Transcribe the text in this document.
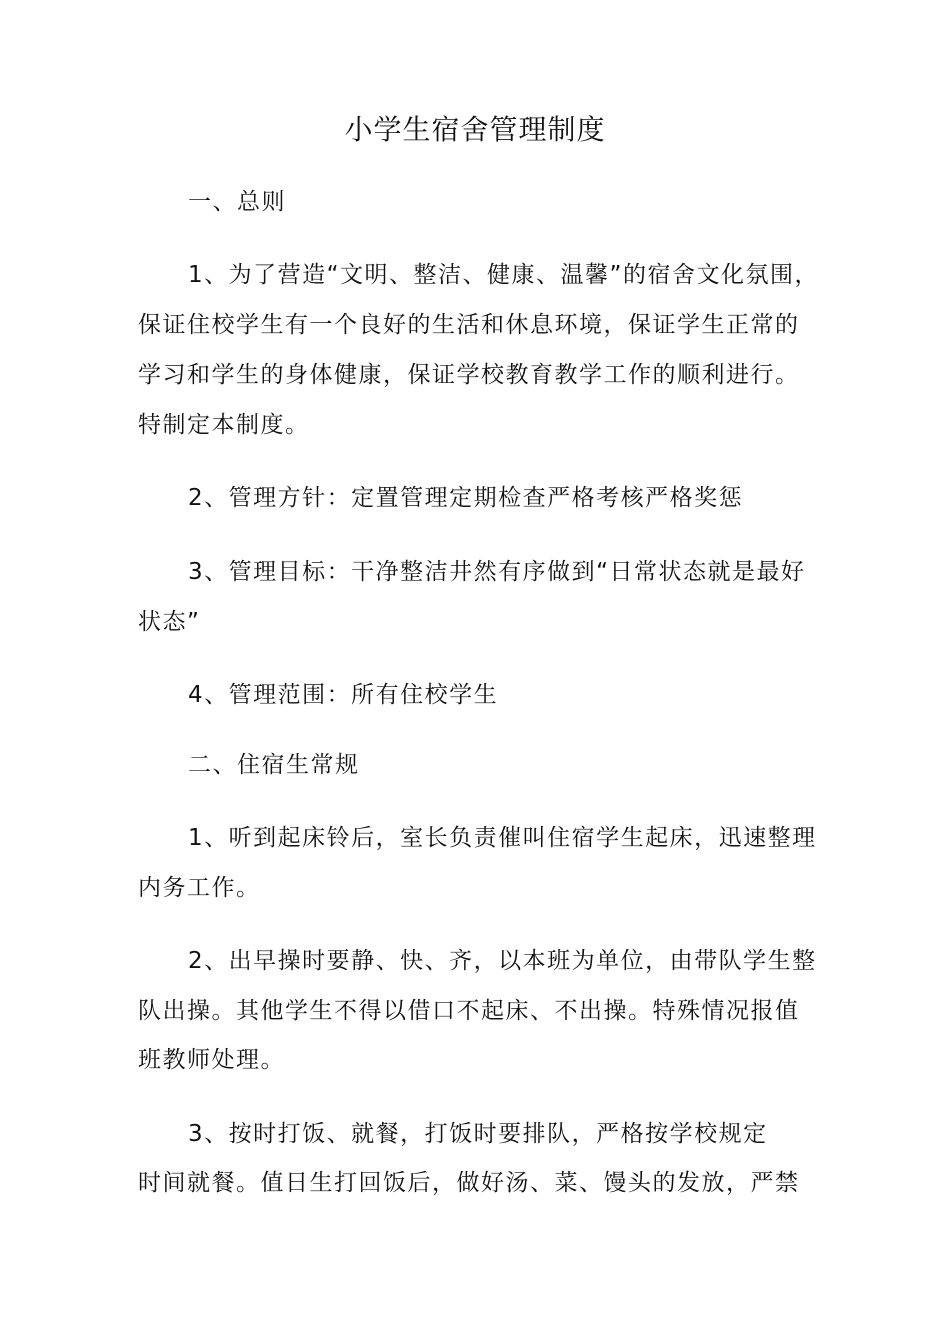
小学生宿舍管理制度
一、总则
1、为了营造“文明、整洁、健康、温馨”的宿舍文化氛围，
保证住校学生有一个良好的生活和休息环境，保证学生正常的
学习和学生的身体健康，保证学校教育教学工作的顺利进行。
特制定本制度。
2、管理方针：定置管理定期检查严格考核严格奖惩
3、管理目标：干净整洁井然有序做到“日常状态就是最好
状态”
4、管理范围：所有住校学生
二、住宿生常规
1、听到起床铃后，室长负责催叫住宿学生起床，迅速整理
内务工作。
2、出早操时要静、快、齐，以本班为单位，由带队学生整
队出操。其他学生不得以借口不起床、不出操。特殊情况报值
班教师处理。
3、按时打饭、就餐，打饭时要排队，严格按学校规定
时间就餐。值日生打回饭后，做好汤、菜、馒头的发放，严禁
